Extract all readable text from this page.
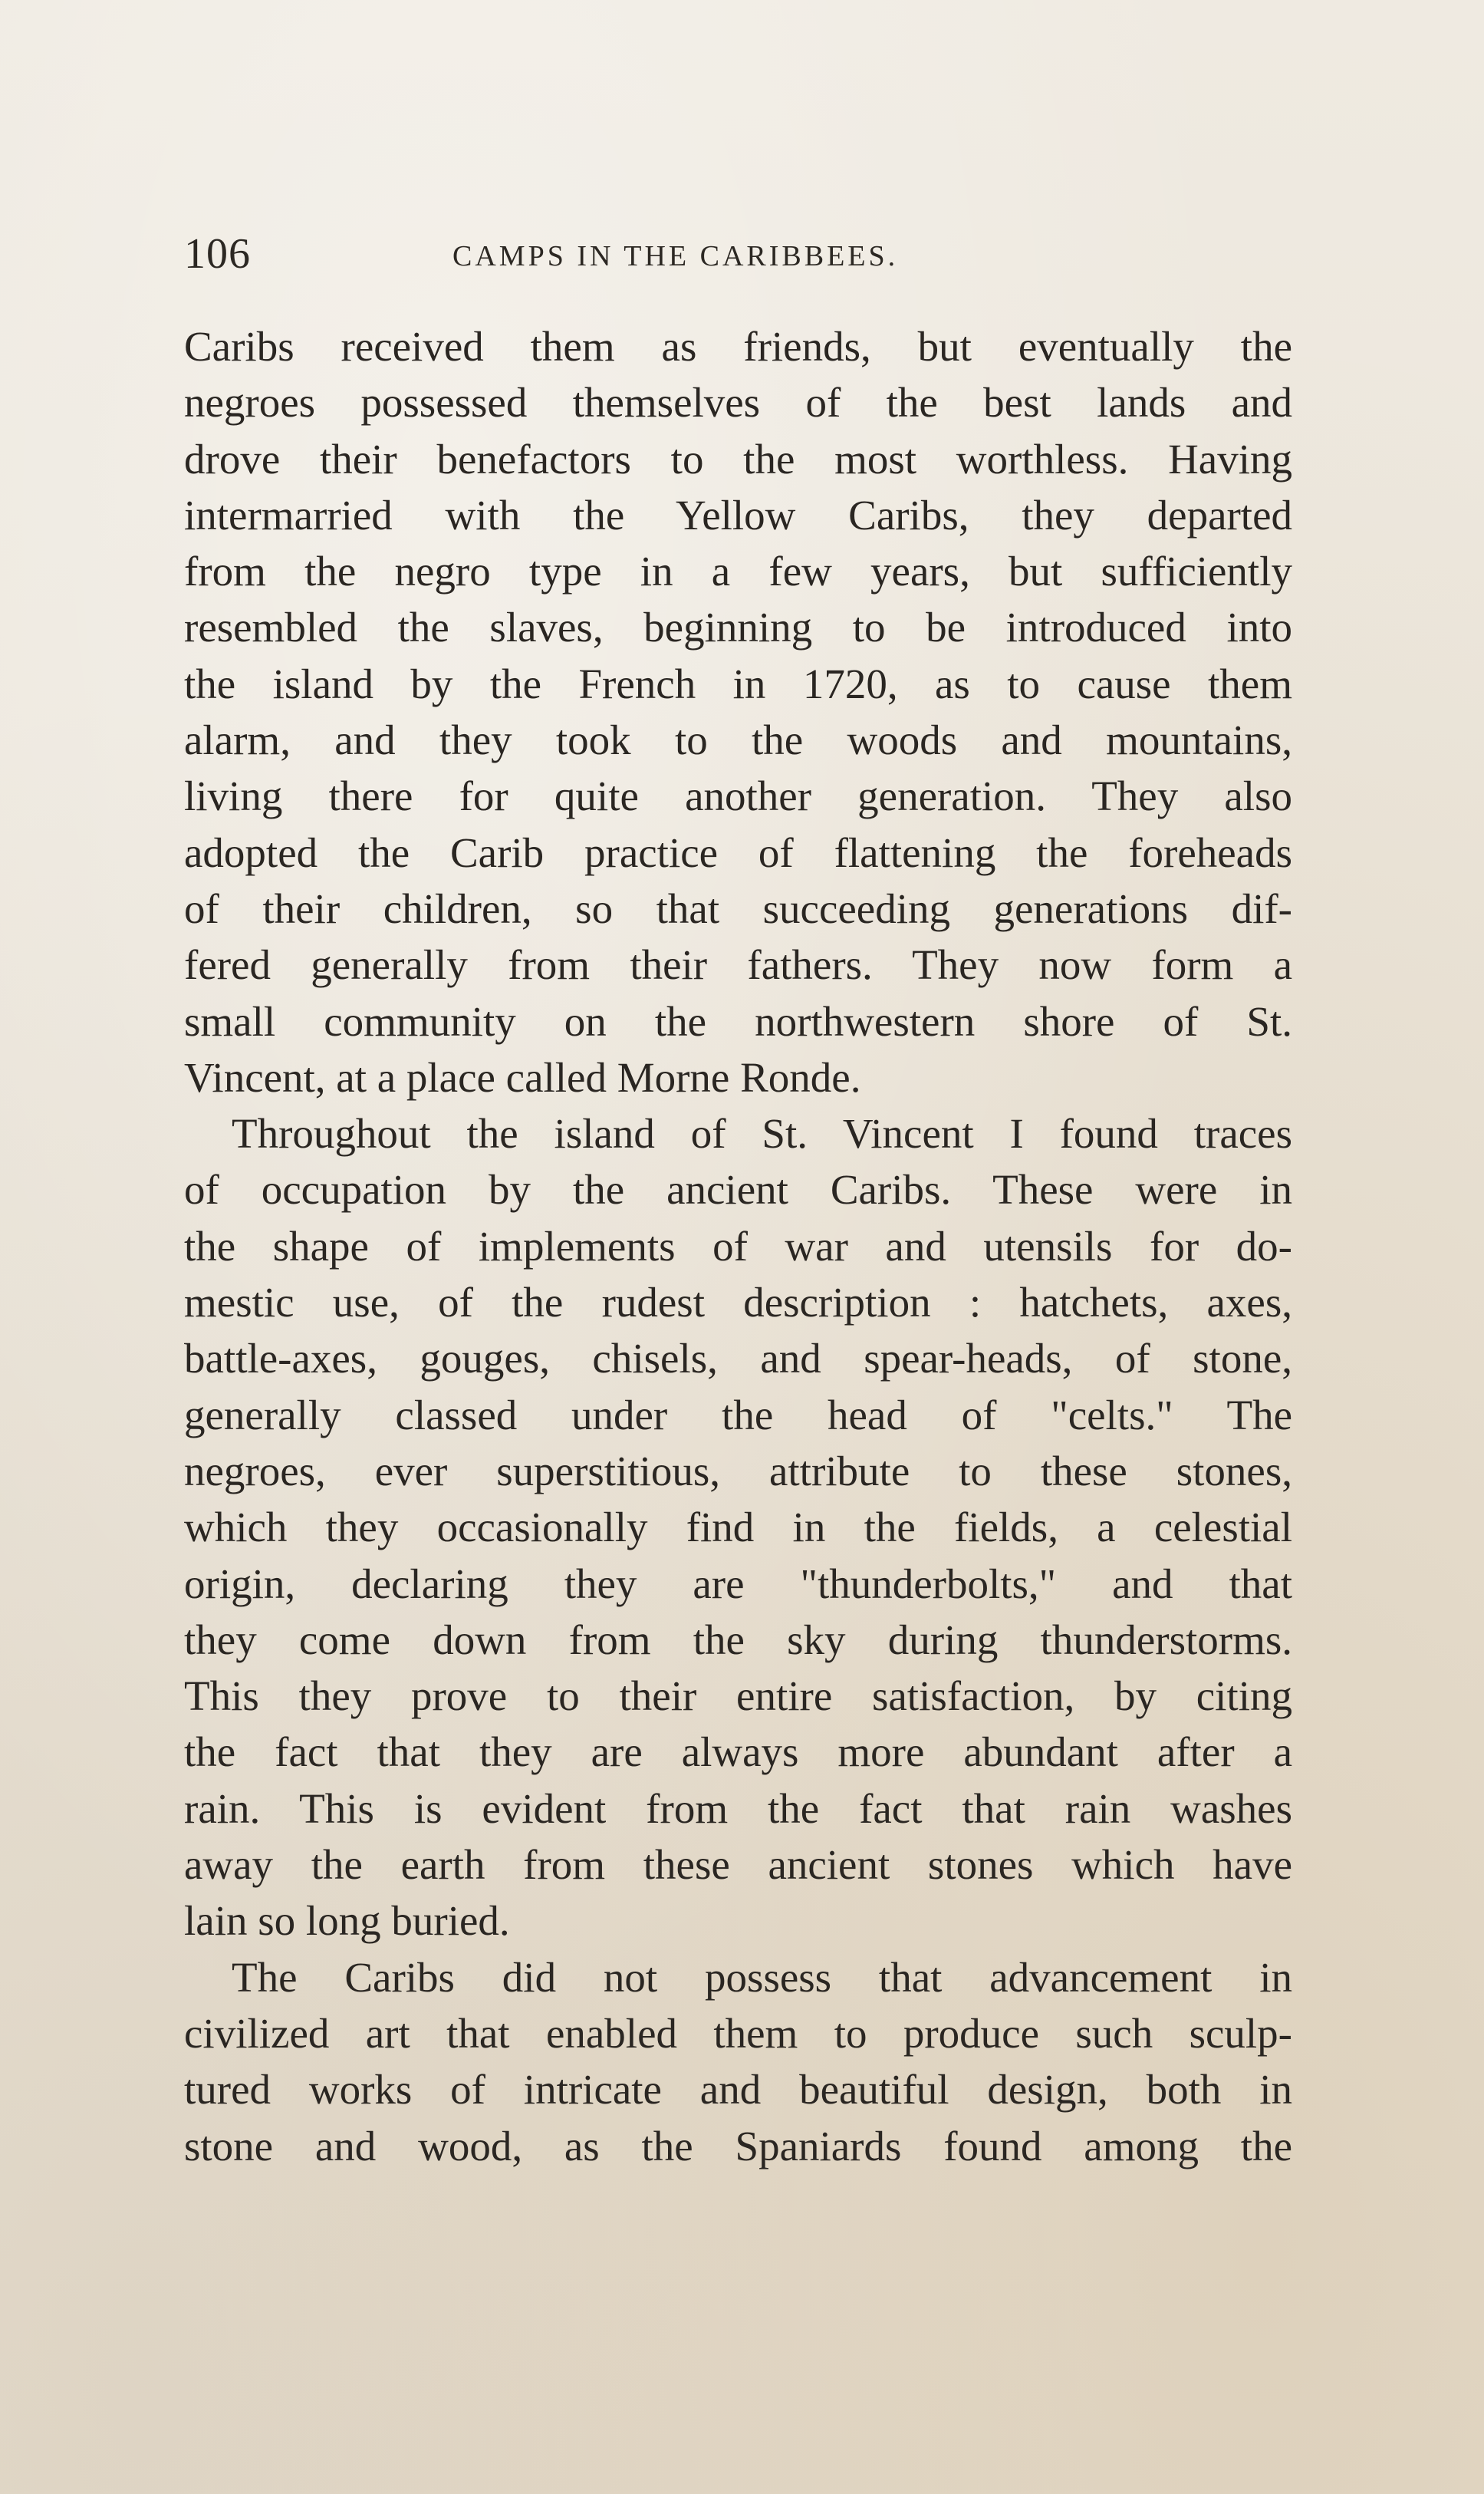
106	CAMPS IN THE CARIBBEES.
Caribs received them as friends, but eventually the
negroes possessed themselves of the best lands and
drove their benefactors to the most worthless. Having
intermarried with the Yellow Caribs, they departed
from the negro type in a few years, but sufficiently
resembled the slaves, beginning to be introduced into
the island by the French in 1720, as to cause them
alarm, and they took to the woods and mountains,
living there for quite another generation. They also
adopted the Carib practice of flattening the foreheads
of their children, so that succeeding generations dif-
fered generally from their fathers. They now form a
small community on the northwestern shore of St.
Vincent, at a place called Morne Ronde.
Throughout the island of St. Vincent I found traces
of occupation by the ancient Caribs. These were in
the shape of implements of war and utensils for do-
mestic use, of the rudest description : hatchets, axes,
battle-axes, gouges, chisels, and spear-heads, of stone,
generally classed under the head of "celts." The
negroes, ever superstitious, attribute to these stones,
which they occasionally find in the fields, a celestial
origin, declaring they are "thunderbolts," and that
they come down from the sky during thunderstorms.
This they prove to their entire satisfaction, by citing
the fact that they are always more abundant after a
rain. This is evident from the fact that rain washes
away the earth from these ancient stones which have
lain so long buried.
The Caribs did not possess that advancement in
civilized art that enabled them to produce such sculp-
tured works of intricate and beautiful design, both in
stone and wood, as the Spaniards found among the
